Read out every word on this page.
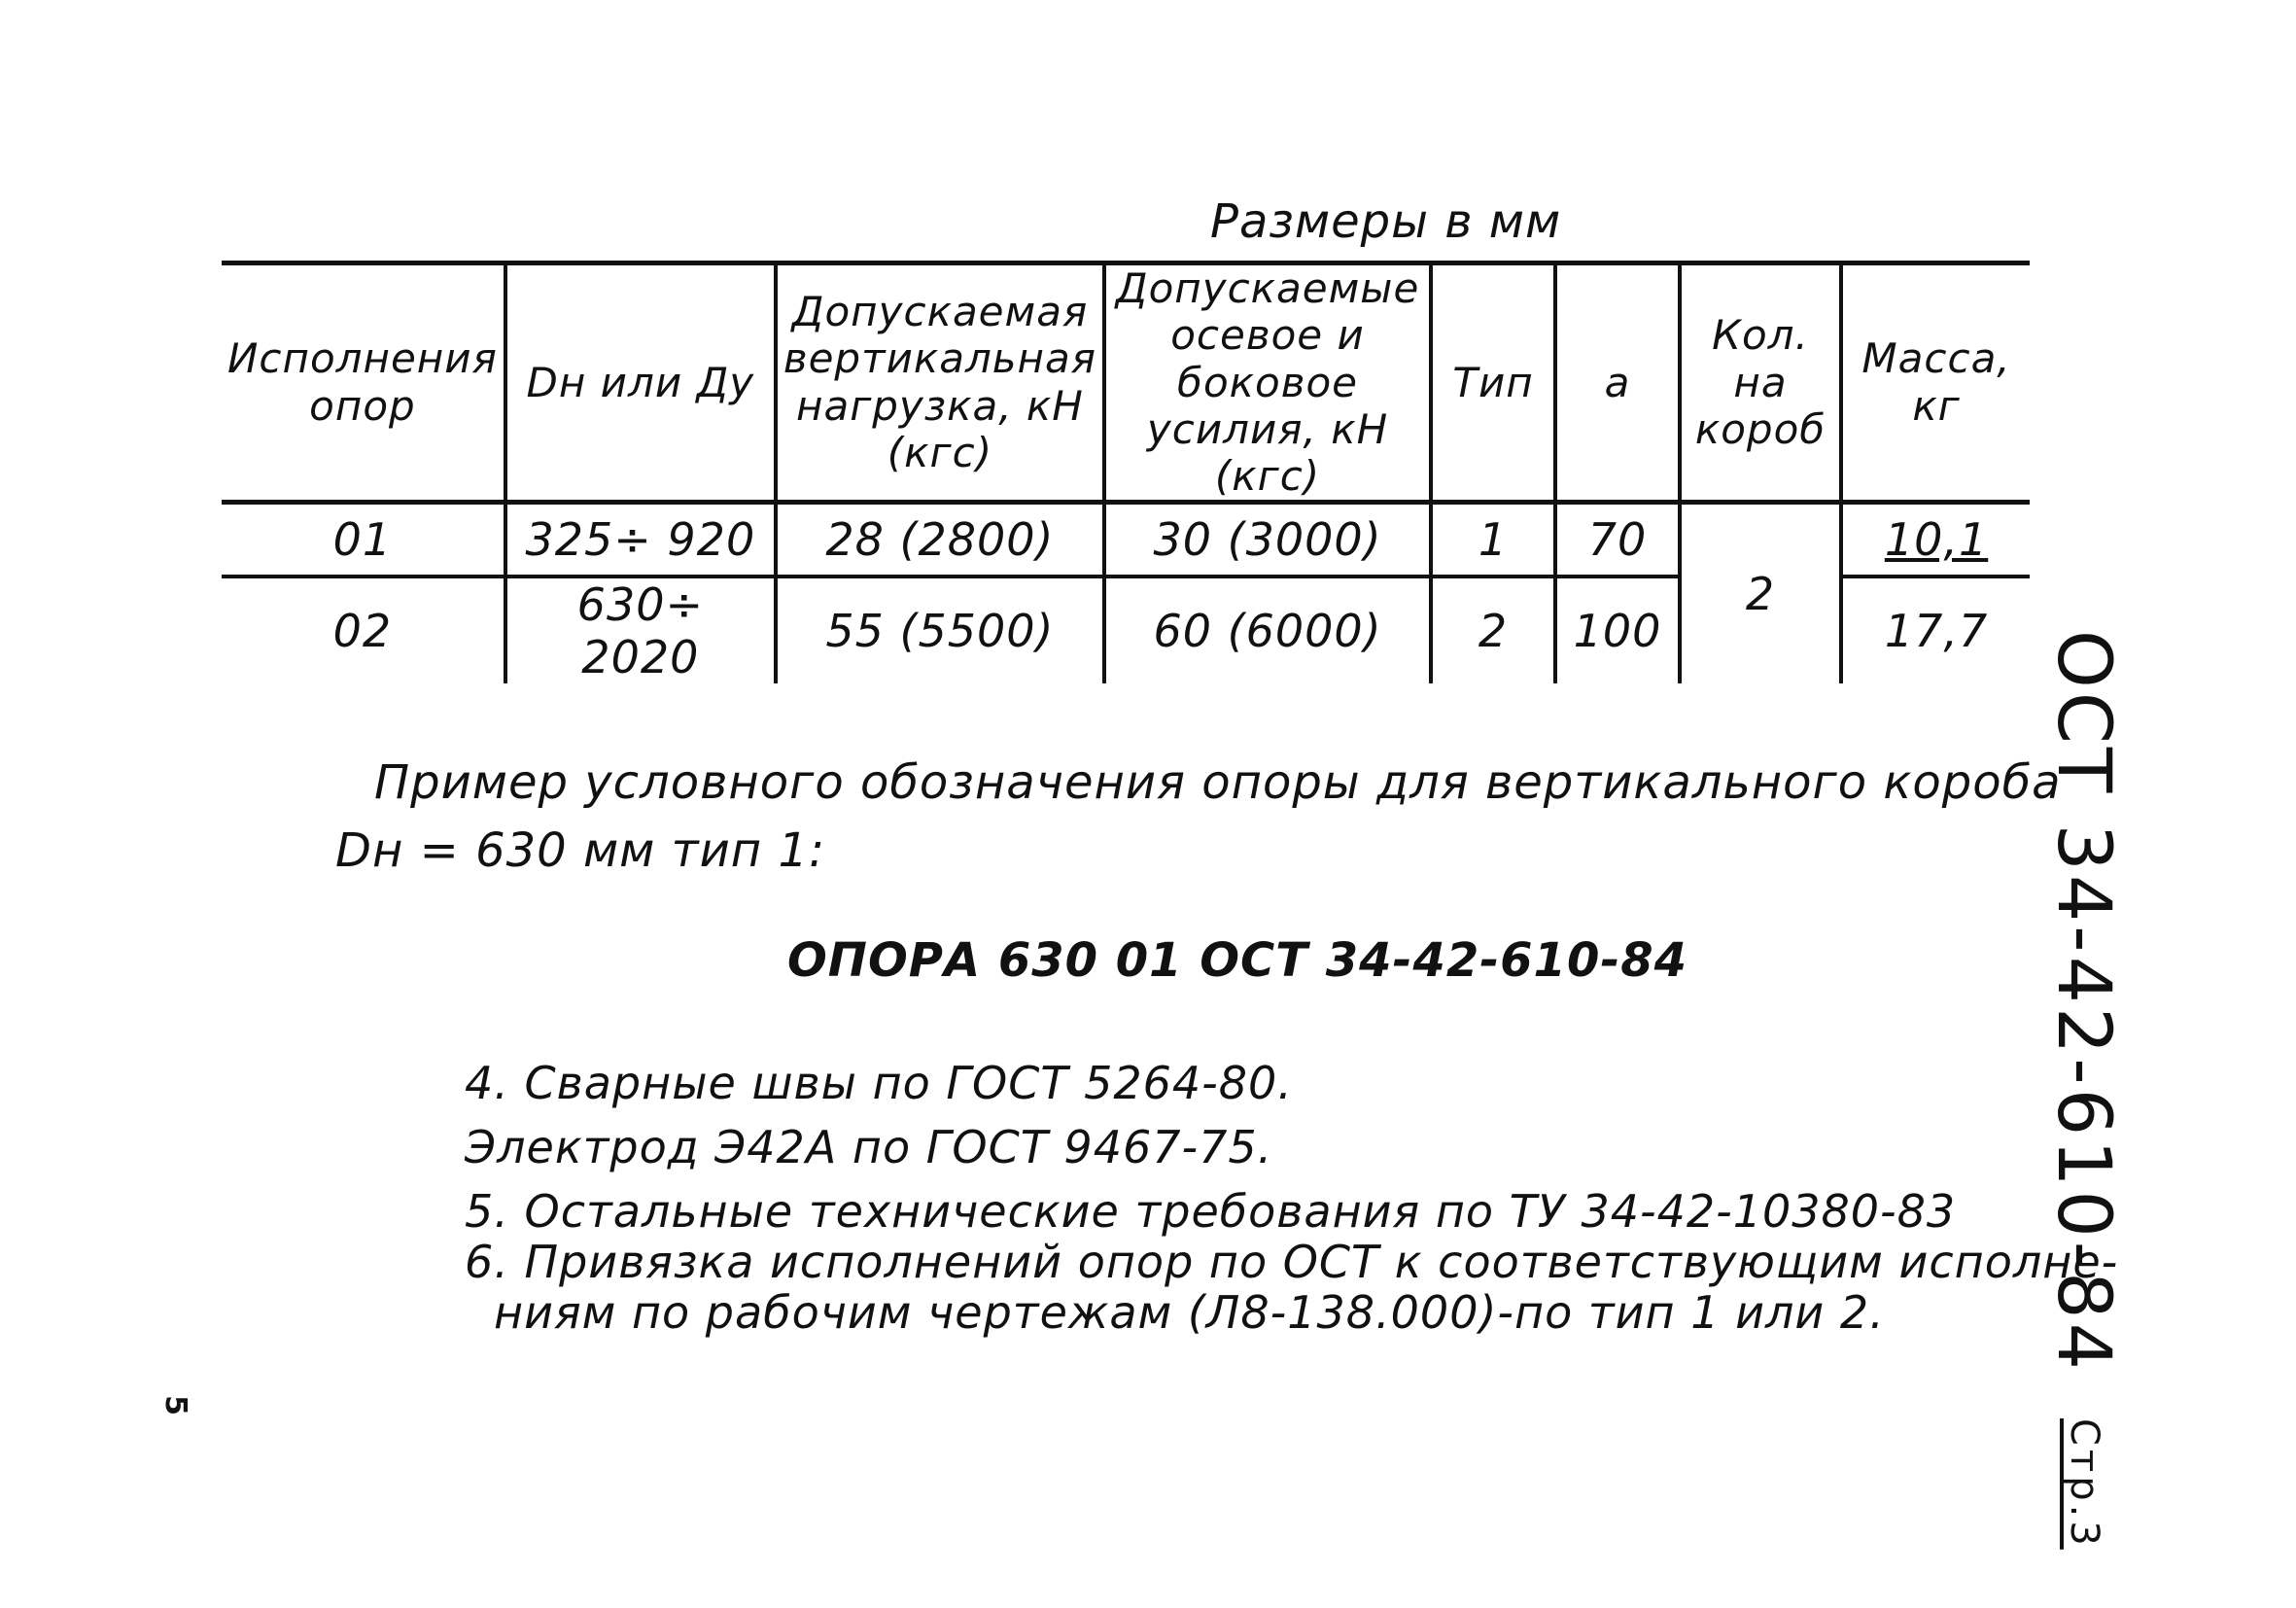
Размеры в мм
Исполнения опор	Dн или Ду	Допускаемая вертикальная нагрузка, кН (кгс)	Допускаемые осевое и боковое усилия, кН (кгс)	Тип	a	Кол. на короб	Масса, кг
01	325÷ 920	28 (2800)	30 (3000)	1	70	2	10,1
02	630÷ 2020	55 (5500)	60 (6000)	2	100		17,7
Пример условного обозначения опоры для вертикального короба
Dн = 630 мм тип 1:
ОПОРА 630 01 ОСТ 34-42-610-84
4. Сварные швы по ГОСТ 5264-80.
Электрод Э42А по ГОСТ 9467-75.
5. Остальные технические требования по ТУ 34-42-10380-83
6. Привязка исполнений опор по ОСТ к соответствующим исполне-
ниям по рабочим чертежам (Л8-138.000)-по тип 1 или 2.	ОСТ 34-42-610-84 Стр.3
5
